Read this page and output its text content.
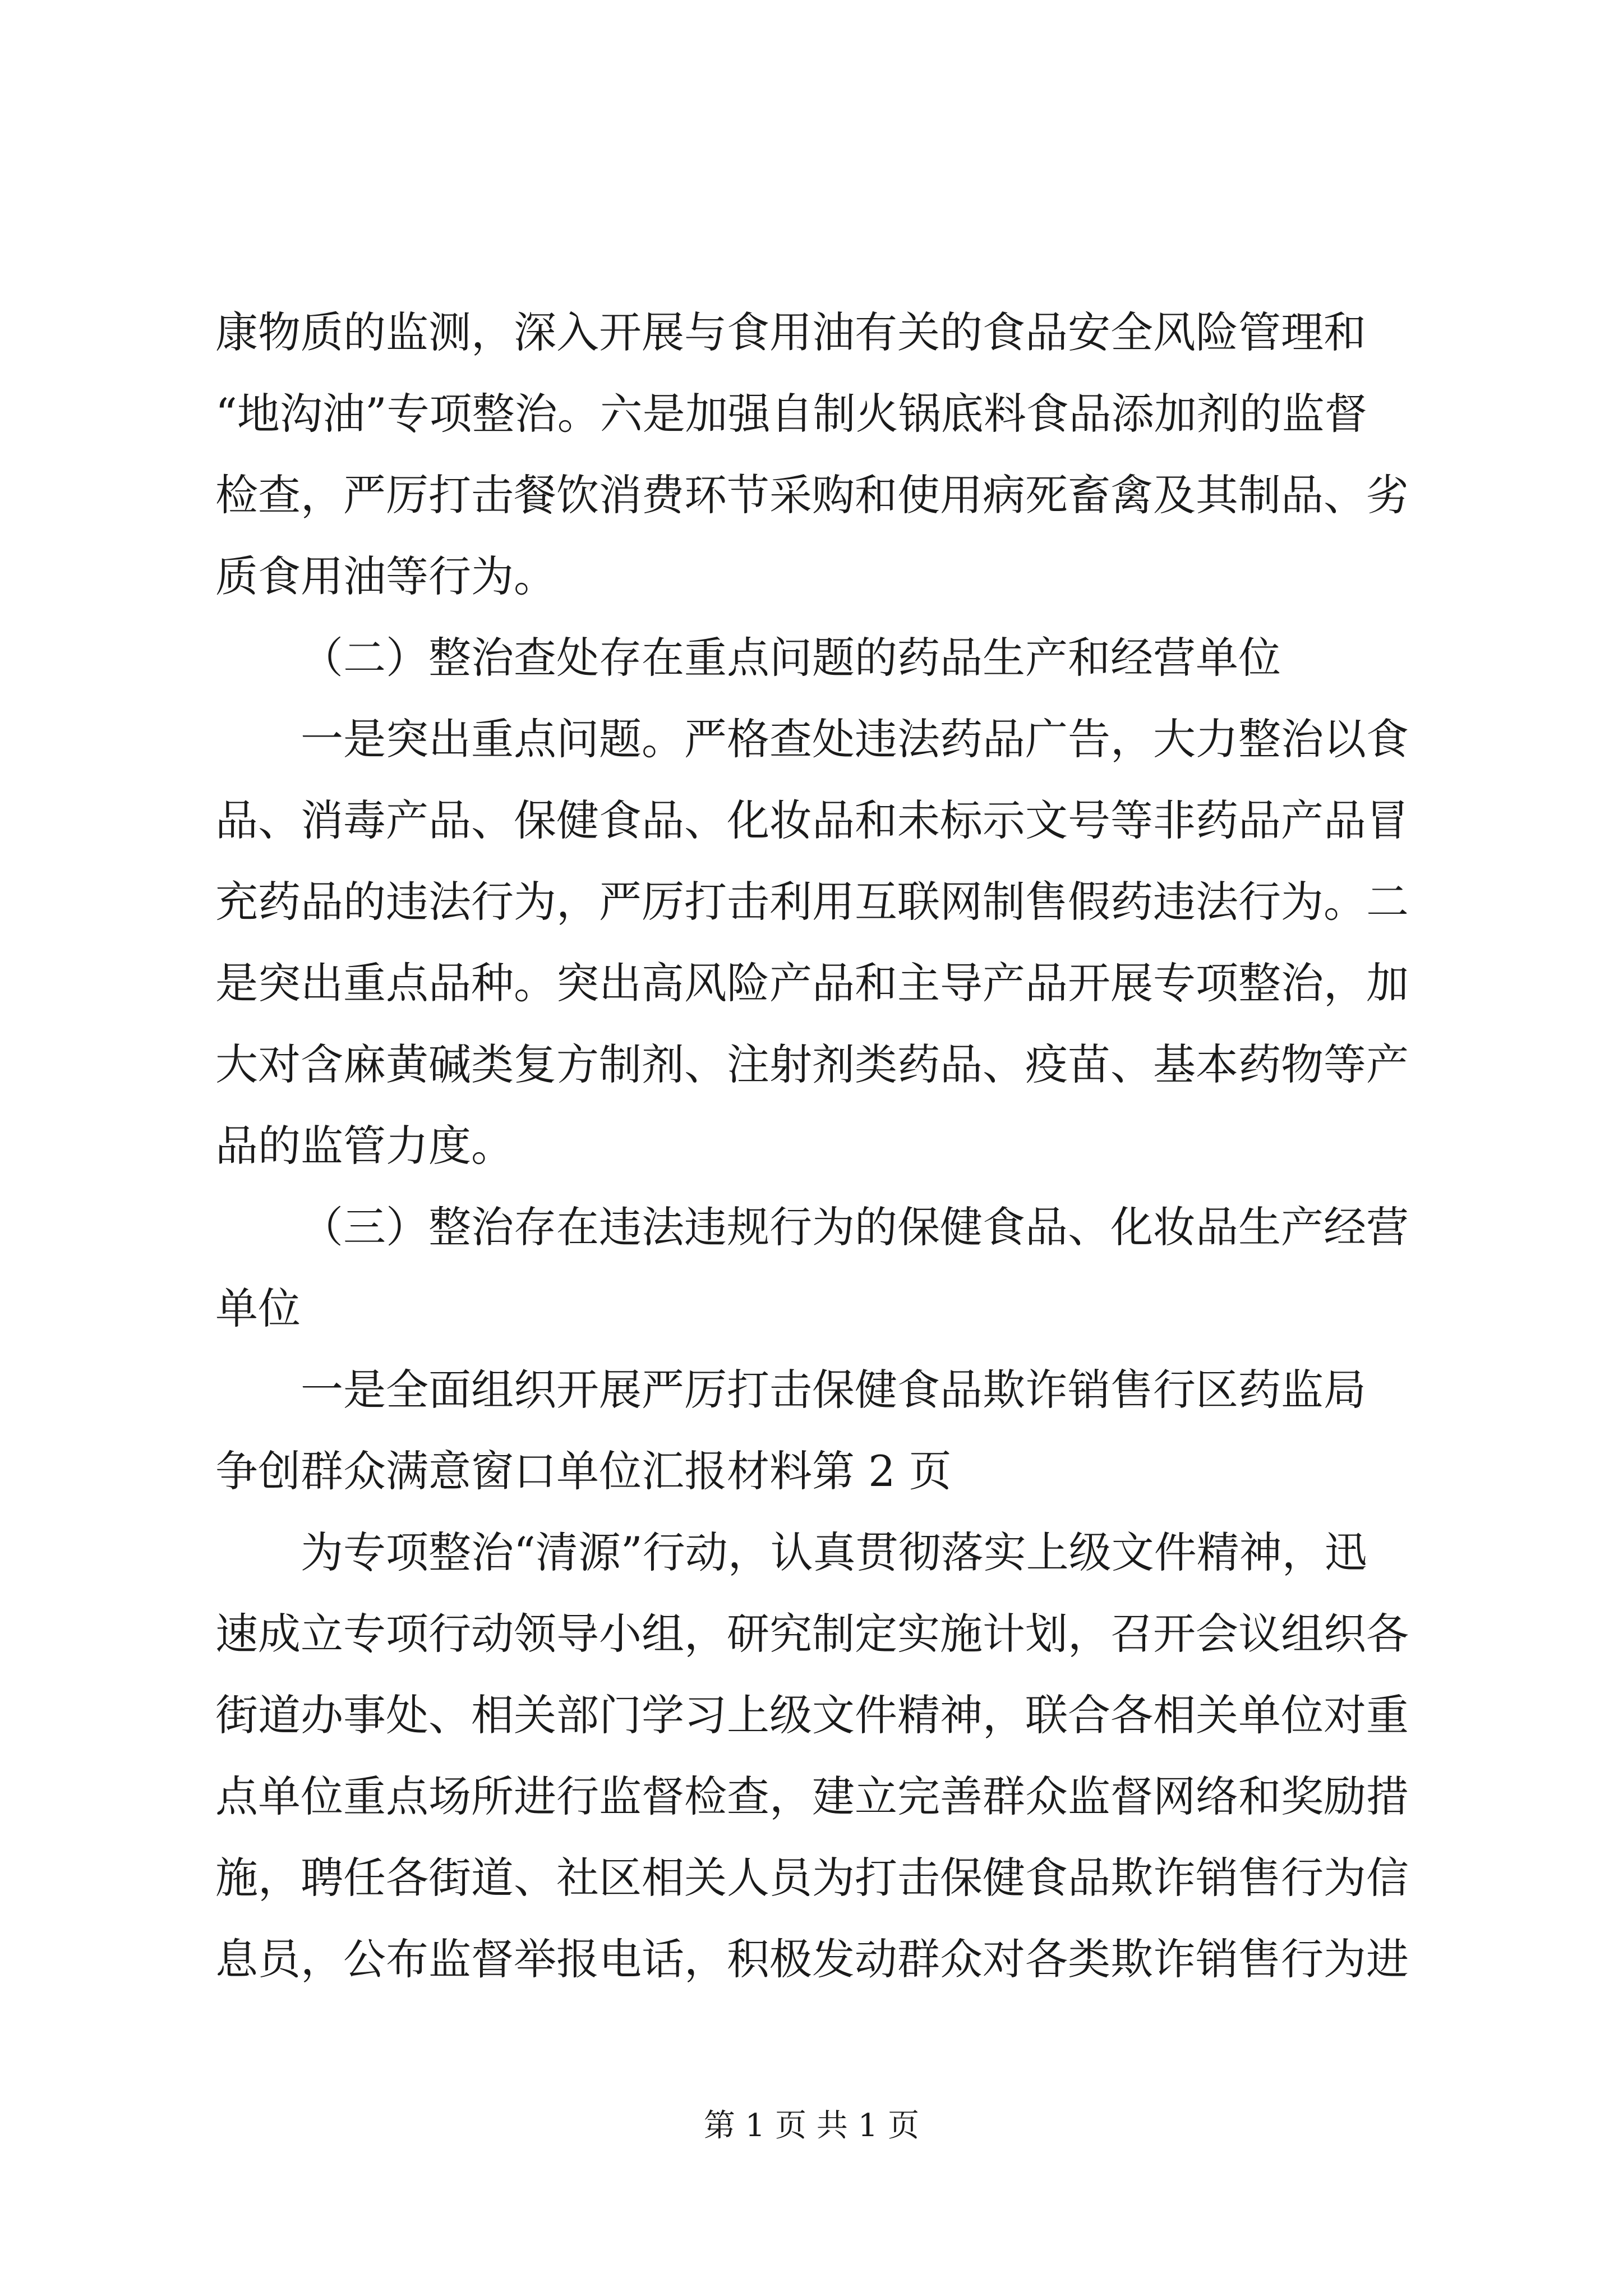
康物质的监测，深入开展与食用油有关的食品安全风险管理和
“地沟油”专项整治。六是加强自制火锅底料食品添加剂的监督
检查，严厉打击餐饮消费环节采购和使用病死畜禽及其制品、劣
质食用油等行为。
（二）整治查处存在重点问题的药品生产和经营单位
一是突出重点问题。严格查处违法药品广告，大力整治以食
品、消毒产品、保健食品、化妆品和未标示文号等非药品产品冒
充药品的违法行为，严厉打击利用互联网制售假药违法行为。二
是突出重点品种。突出高风险产品和主导产品开展专项整治，加
大对含麻黄碱类复方制剂、注射剂类药品、疫苗、基本药物等产
品的监管力度。
（三）整治存在违法违规行为的保健食品、化妆品生产经营
单位
一是全面组织开展严厉打击保健食品欺诈销售行区药监局
争创群众满意窗口单位汇报材料第 2 页
为专项整治“清源”行动，认真贯彻落实上级文件精神，迅
速成立专项行动领导小组，研究制定实施计划，召开会议组织各
街道办事处、相关部门学习上级文件精神，联合各相关单位对重
点单位重点场所进行监督检查，建立完善群众监督网络和奖励措
施，聘任各街道、社区相关人员为打击保健食品欺诈销售行为信
息员，公布监督举报电话，积极发动群众对各类欺诈销售行为进
第 1 页 共 1 页
